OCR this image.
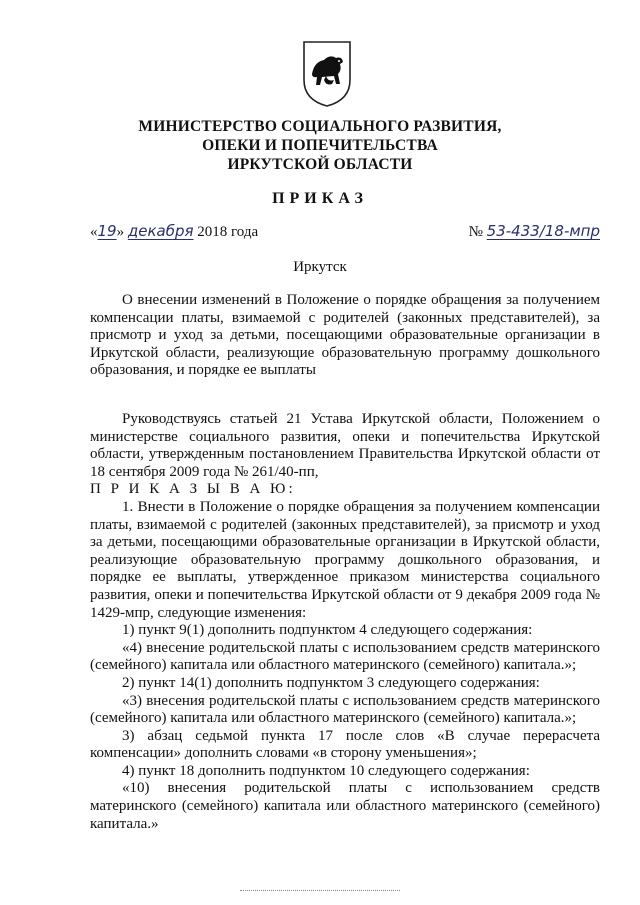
МИНИСТЕРСТВО СОЦИАЛЬНОГО РАЗВИТИЯ,
ОПЕКИ И ПОПЕЧИТЕЛЬСТВА
ИРКУТСКОЙ ОБЛАСТИ
ПРИКАЗ
«19» декабря 2018 года	№ 53-433/18-мпр
Иркутск
О внесении изменений в Положение о порядке обращения за получением компенсации платы, взимаемой с родителей (законных представителей), за присмотр и уход за детьми, посещающими образовательные организации в Иркутской области, реализующие образовательную программу дошкольного образования, и порядке ее выплаты

Руководствуясь статьей 21 Устава Иркутской области, Положением о министерстве социального развития, опеки и попечительства Иркутской области, утвержденным постановлением Правительства Иркутской области от 18 сентября 2009 года № 261/40-пп,

П Р И К А З Ы В А Ю:

1. Внести в Положение о порядке обращения за получением компенсации платы, взимаемой с родителей (законных представителей), за присмотр и уход за детьми, посещающими образовательные организации в Иркутской области, реализующие образовательную программу дошкольного образования, и порядке ее выплаты, утвержденное приказом министерства социального развития, опеки и попечительства Иркутской области от 9 декабря 2009 года № 1429-мпр, следующие изменения:

1) пункт 9(1) дополнить подпунктом 4 следующего содержания:

«4) внесение родительской платы с использованием средств материнского (семейного) капитала или областного материнского (семейного) капитала.»;

2) пункт 14(1) дополнить подпунктом 3 следующего содержания:

«3) внесения родительской платы с использованием средств материнского (семейного) капитала или областного материнского (семейного) капитала.»;

3) абзац седьмой пункта 17 после слов «В случае перерасчета компенсации» дополнить словами «в сторону уменьшения»;

4) пункт 18 дополнить подпунктом 10 следующего содержания:

«10) внесения родительской платы с использованием средств материнского (семейного) капитала или областного материнского (семейного) капитала.»
